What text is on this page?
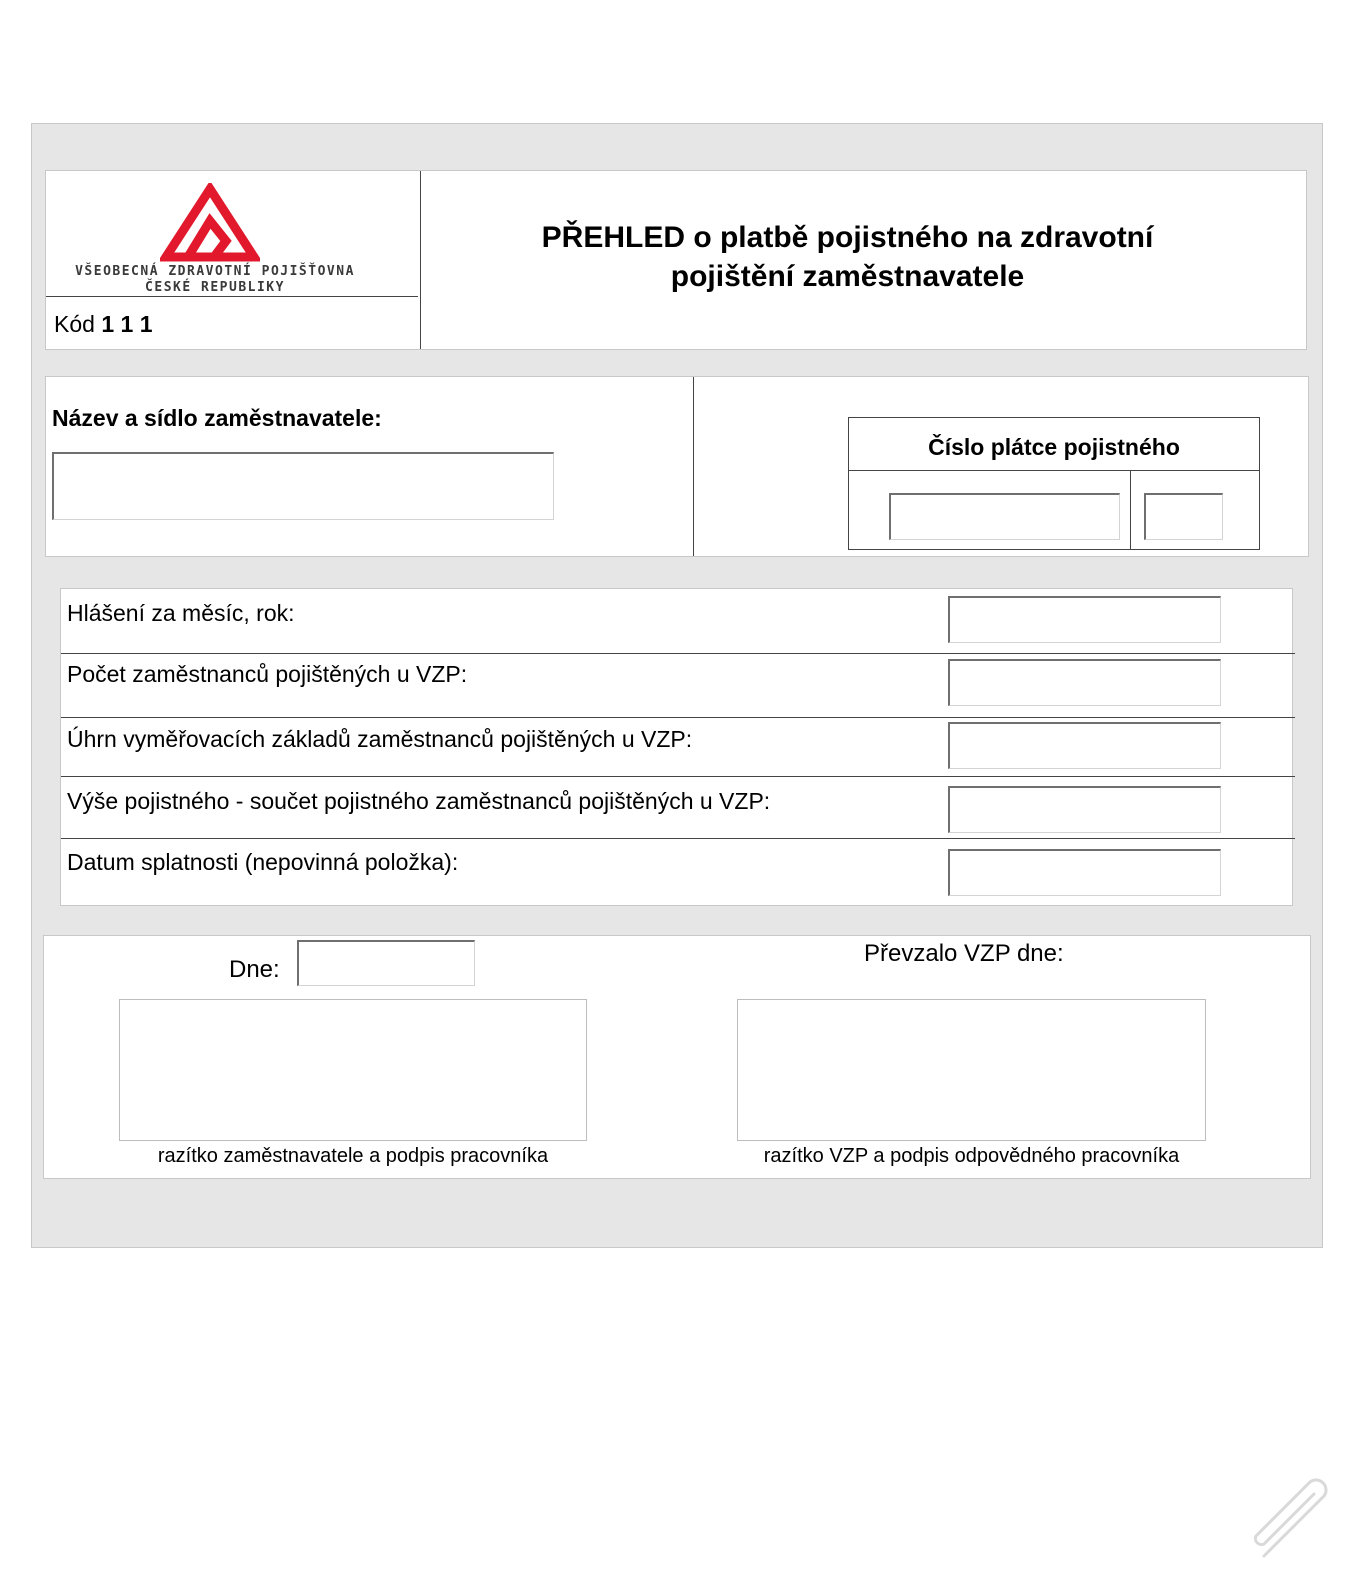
VŠEOBECNÁ ZDRAVOTNÍ POJIŠŤOVNA
ČESKÉ REPUBLIKY
Kód 1 1 1
PŘEHLED o platbě pojistného na zdravotní
pojištění zaměstnavatele
Název a sídlo zaměstnavatele:
Číslo plátce pojistného
Hlášení za měsíc, rok:
Počet zaměstnanců pojištěných u VZP:
Úhrn vyměřovacích základů zaměstnanců pojištěných u VZP:
Výše pojistného - součet pojistného zaměstnanců pojištěných u VZP:
Datum splatnosti (nepovinná položka):
Dne:
Převzalo VZP dne:
razítko zaměstnavatele a podpis pracovníka	razítko VZP a podpis odpovědného pracovníka
